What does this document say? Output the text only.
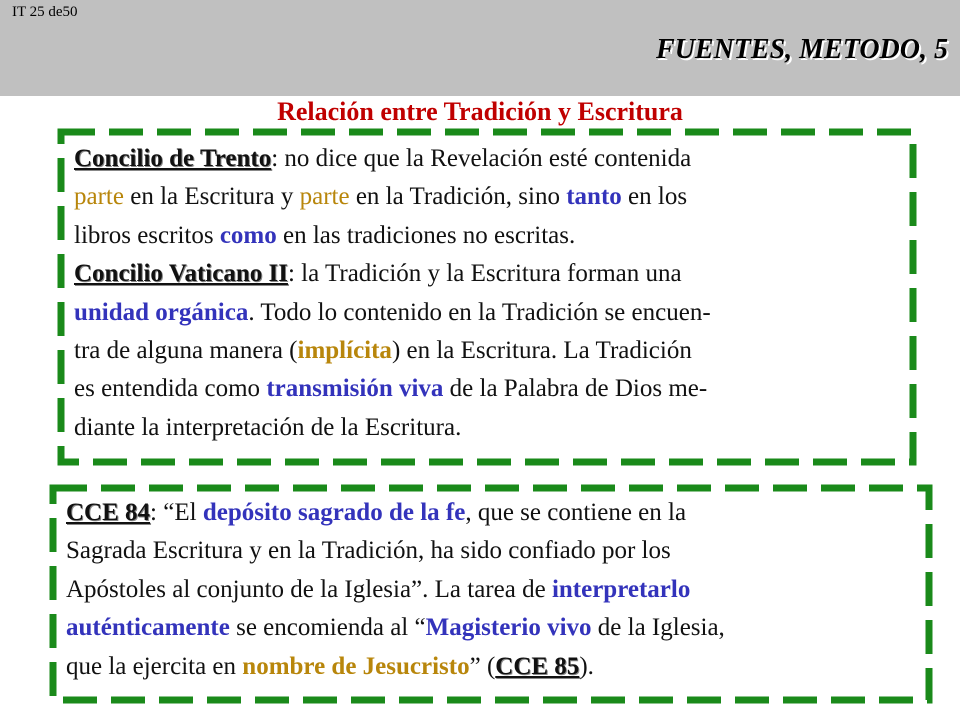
IT 25 de50
FUENTES, METODO, 5
Relación entre Tradición y Escritura
Concilio de Trento: no dice que la Revelación esté contenida
parte en la Escritura y parte en la Tradición, sino tanto en los
libros escritos como en las tradiciones no escritas.
Concilio Vaticano II: la Tradición y la Escritura forman una
unidad orgánica. Todo lo contenido en la Tradición se encuen-
tra de alguna manera (implícita) en la Escritura. La Tradición
es entendida como transmisión viva de la Palabra de Dios me-
diante la interpretación de la Escritura.
CCE 84: “El depósito sagrado de la fe, que se contiene en la
Sagrada Escritura y en la Tradición, ha sido confiado por los
Apóstoles al conjunto de la Iglesia”. La tarea de interpretarlo
auténticamente se encomienda al “Magisterio vivo de la Iglesia,
que la ejercita en nombre de Jesucristo” (CCE 85).
